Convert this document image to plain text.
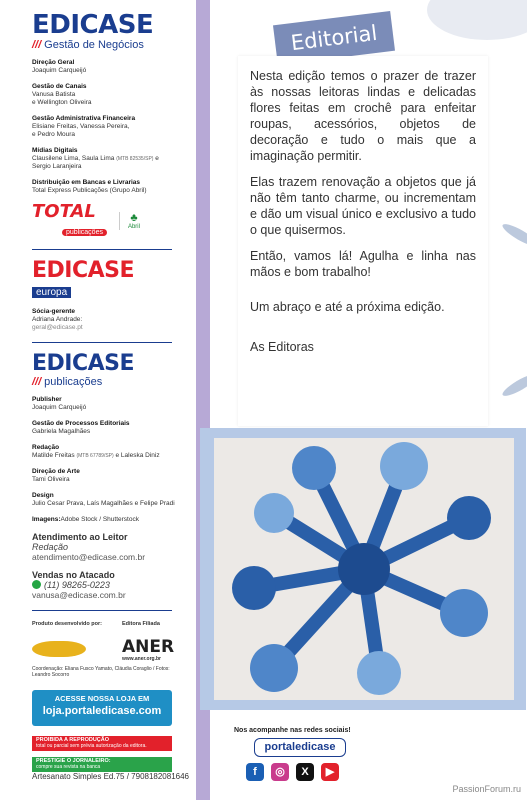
EDICASE
/// Gestão de Negócios
Direção Geral
Joaquim Carqueijó
Gestão de Canais
Vanusa Batista
e Wellington Oliveira
Gestão Administrativa Financeira
Elisiane Freitas, Vanessa Pereira,
e Pedro Moura
Mídias Digitais
Clausilene Lima, Saula Lima (MTB 82535/SP) e
Sergio Laranjeira
Distribuição em Bancas e Livrarias
Total Express Publicações (Grupo Abril)
TOTAL
publicações
♣
Abril
EDICASE
europa
Sócia-gerente
Adriana Andrade:
geral@edicase.pt
EDICASE
/// publicações
Publisher
Joaquim Carqueijó
Gestão de Processos Editoriais
Gabriela Magalhães
Redação
Matilde Freitas (MTB 67789/SP) e Laleska Diniz
Direção de Arte
Tami Oliveira
Design
Julio Cesar Prava, Laís Magalhães e Felipe Pradi
Imagens:Adobe Stock / Shutterstock
Atendimento ao Leitor
Redação
atendimento@edicase.com.br
Vendas no Atacado
(11) 98265-0223
vanusa@edicase.com.br
Produto desenvolvido por:	Editora Filiada
ANER
www.aner.org.br
Coordenação: Eliana Fusco Yamato, Cláudia Coraglio / Fotos: Leandro Socorro
ACESSE NOSSA LOJA EM
loja.portaledicase.com
PROIBIDA A REPRODUÇÃO
total ou parcial sem prévia autorização da editora.
PRESTIGIE O JORNALEIRO:
compre sua revista na banca
Artesanato Simples Ed.75 / 7908182081646
Editorial

Nesta edição temos o prazer de trazer às nossas leitoras lindas e delicadas flores feitas em crochê para enfeitar roupas, acessórios, objetos de decoração e tudo o mais que a imaginação permitir.

Elas trazem renovação a objetos que já não têm tanto charme, ou incrementam e dão um visual único e exclusivo a tudo o que quisermos.

Então, vamos lá! Agulha e linha nas mãos e bom trabalho!

Um abraço e até a próxima edição.

As Editoras

Nos acompanhe nas redes sociais!
portaledicase
f	◎	X	▶
PassionForum.ru
